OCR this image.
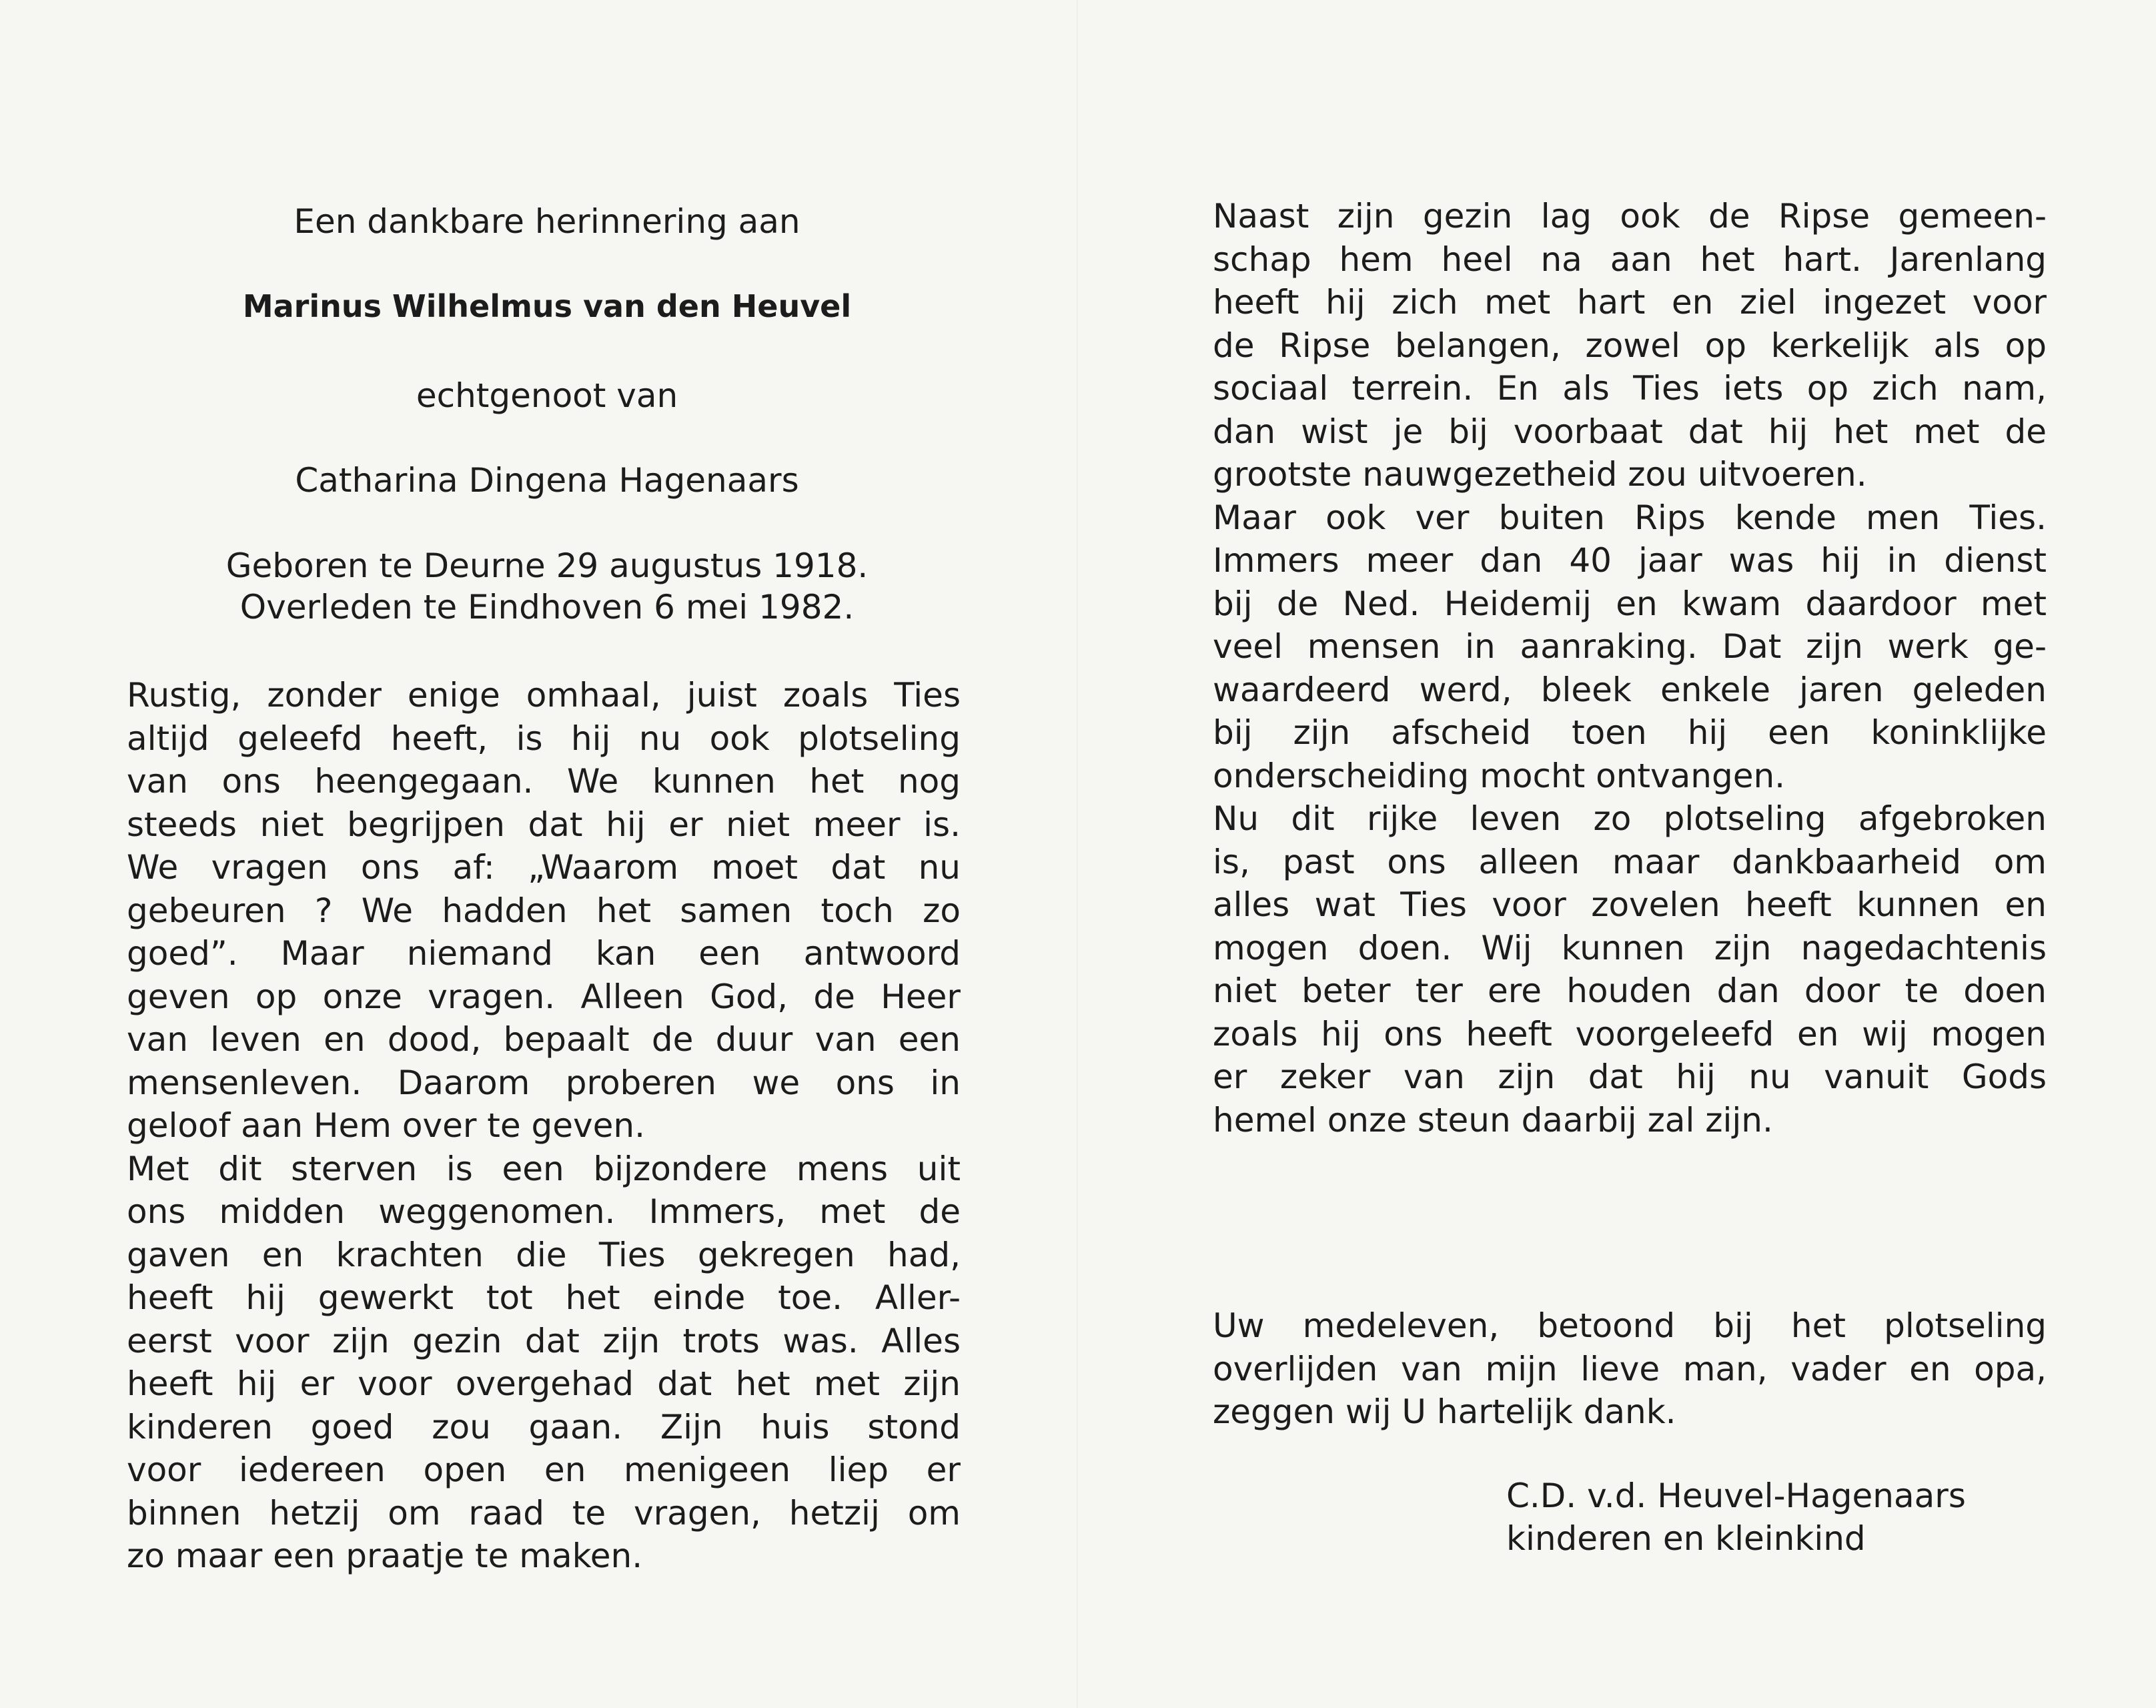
Een dankbare herinnering aan
Marinus Wilhelmus van den Heuvel
echtgenoot van
Catharina Dingena Hagenaars
Geboren te Deurne 29 augustus 1918.
Overleden te Eindhoven 6 mei 1982.
Rustig, zonder enige omhaal, juist zoals Ties
altijd geleefd heeft, is hij nu ook plotseling
van ons heengegaan. We kunnen het nog
steeds niet begrijpen dat hij er niet meer is.
We vragen ons af: „Waarom moet dat nu
gebeuren ? We hadden het samen toch zo
goed”. Maar niemand kan een antwoord
geven op onze vragen. Alleen God, de Heer
van leven en dood, bepaalt de duur van een
mensenleven. Daarom proberen we ons in
geloof aan Hem over te geven.
Met dit sterven is een bijzondere mens uit
ons midden weggenomen. Immers, met de
gaven en krachten die Ties gekregen had,
heeft hij gewerkt tot het einde toe. Aller-
eerst voor zijn gezin dat zijn trots was. Alles
heeft hij er voor overgehad dat het met zijn
kinderen goed zou gaan. Zijn huis stond
voor iedereen open en menigeen liep er
binnen hetzij om raad te vragen, hetzij om
zo maar een praatje te maken.
Naast zijn gezin lag ook de Ripse gemeen-
schap hem heel na aan het hart. Jarenlang
heeft hij zich met hart en ziel ingezet voor
de Ripse belangen, zowel op kerkelijk als op
sociaal terrein. En als Ties iets op zich nam,
dan wist je bij voorbaat dat hij het met de
grootste nauwgezetheid zou uitvoeren.
Maar ook ver buiten Rips kende men Ties.
Immers meer dan 40 jaar was hij in dienst
bij de Ned. Heidemij en kwam daardoor met
veel mensen in aanraking. Dat zijn werk ge-
waardeerd werd, bleek enkele jaren geleden
bij zijn afscheid toen hij een koninklijke
onderscheiding mocht ontvangen.
Nu dit rijke leven zo plotseling afgebroken
is, past ons alleen maar dankbaarheid om
alles wat Ties voor zovelen heeft kunnen en
mogen doen. Wij kunnen zijn nagedachtenis
niet beter ter ere houden dan door te doen
zoals hij ons heeft voorgeleefd en wij mogen
er zeker van zijn dat hij nu vanuit Gods
hemel onze steun daarbij zal zijn.
Uw medeleven, betoond bij het plotseling
overlijden van mijn lieve man, vader en opa,
zeggen wij U hartelijk dank.
C.D. v.d. Heuvel-Hagenaars
kinderen en kleinkind
